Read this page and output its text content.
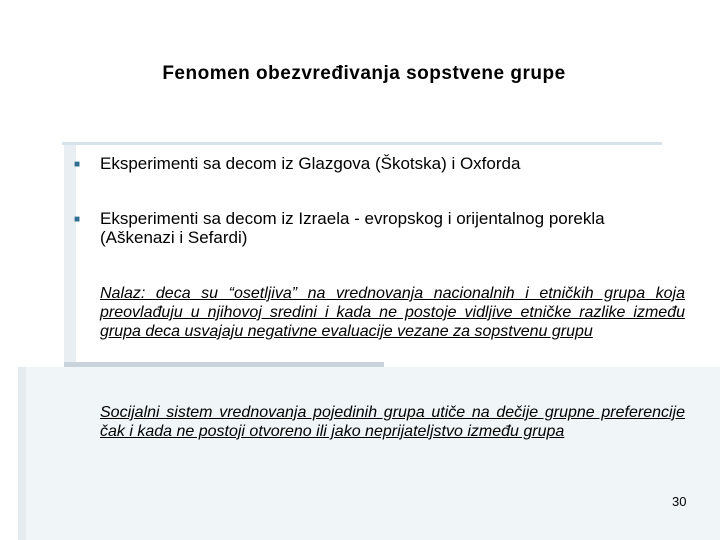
Fenomen obezvređivanja sopstvene grupe
■	Eksperimenti sa decom iz Glazgova (Škotska) i Oxforda
■	Eksperimenti sa decom iz Izraela - evropskog i orijentalnog porekla (Aškenazi i Sefardi)
Nalaz: deca su “osetljiva” na vrednovanja nacionalnih i etničkih grupa koja preovlađuju u njihovoj sredini i kada ne postoje vidljive etničke razlike između grupa deca usvajaju negativne evaluacije vezane za sopstvenu grupu
Socijalni sistem vrednovanja pojedinih grupa utiče na dečije grupne preferencije čak i kada ne postoji otvoreno ili jako neprijateljstvo između grupa
30
